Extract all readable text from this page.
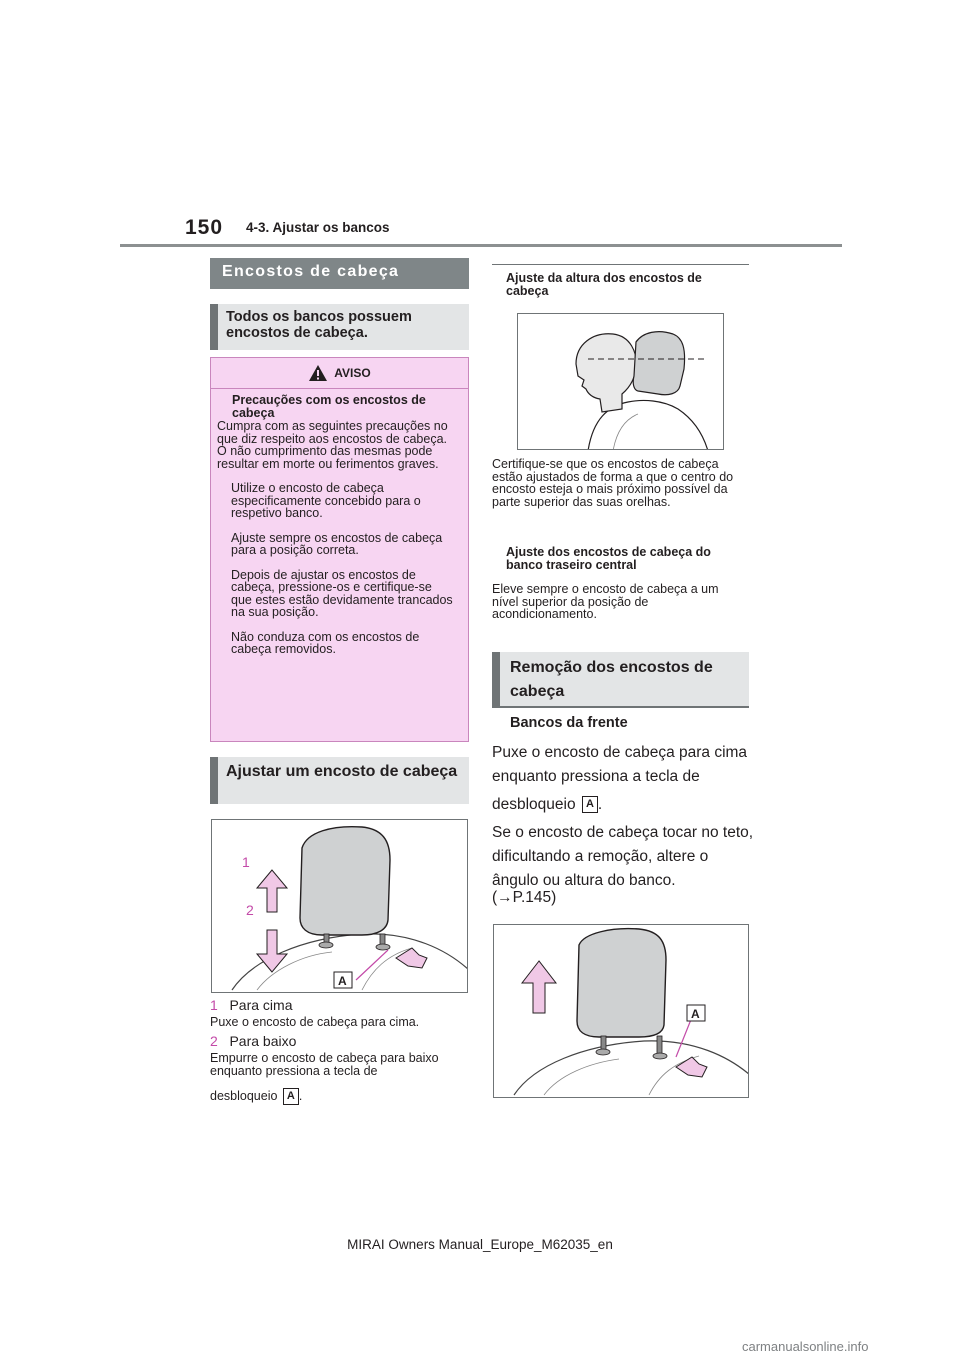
150 4-3. Ajustar os bancos
Encostos de cabeça
Todos os bancos possuem encostos de cabeça.
AVISO
Precauções com os encostos de cabeça
Cumpra com as seguintes precauções no que diz respeito aos encostos de cabeça. O não cumprimento das mesmas pode resultar em morte ou ferimentos graves.
Utilize o encosto de cabeça especificamente concebido para o respetivo banco.
Ajuste sempre os encostos de cabeça para a posição correta.
Depois de ajustar os encostos de cabeça, pressione-os e certifique-se que estes estão devidamente trancados na sua posição.
Não conduza com os encostos de cabeça removidos.
Ajustar um encosto de cabeça
1
2
A
1 Para cima
Puxe o encosto de cabeça para cima.
2 Para baixo
Empurre o encosto de cabeça para baixo enquanto pressiona a tecla de
desbloqueio A .
Ajuste da altura dos encostos de cabeça
Certifique-se que os encostos de cabeça estão ajustados de forma a que o centro do encosto esteja o mais próximo possível da parte superior das suas orelhas.
Ajuste dos encostos de cabeça do banco traseiro central
Eleve sempre o encosto de cabeça a um nível superior da posição de acondicionamento.
Remoção dos encostos de cabeça
Bancos da frente
Puxe o encosto de cabeça para cima enquanto pressiona a tecla de
desbloqueio A .
Se o encosto de cabeça tocar no teto, dificultando a remoção, altere o ângulo ou altura do banco.
(→P.145)
A
MIRAI Owners Manual_Europe_M62035_en
carmanualsonline.info
